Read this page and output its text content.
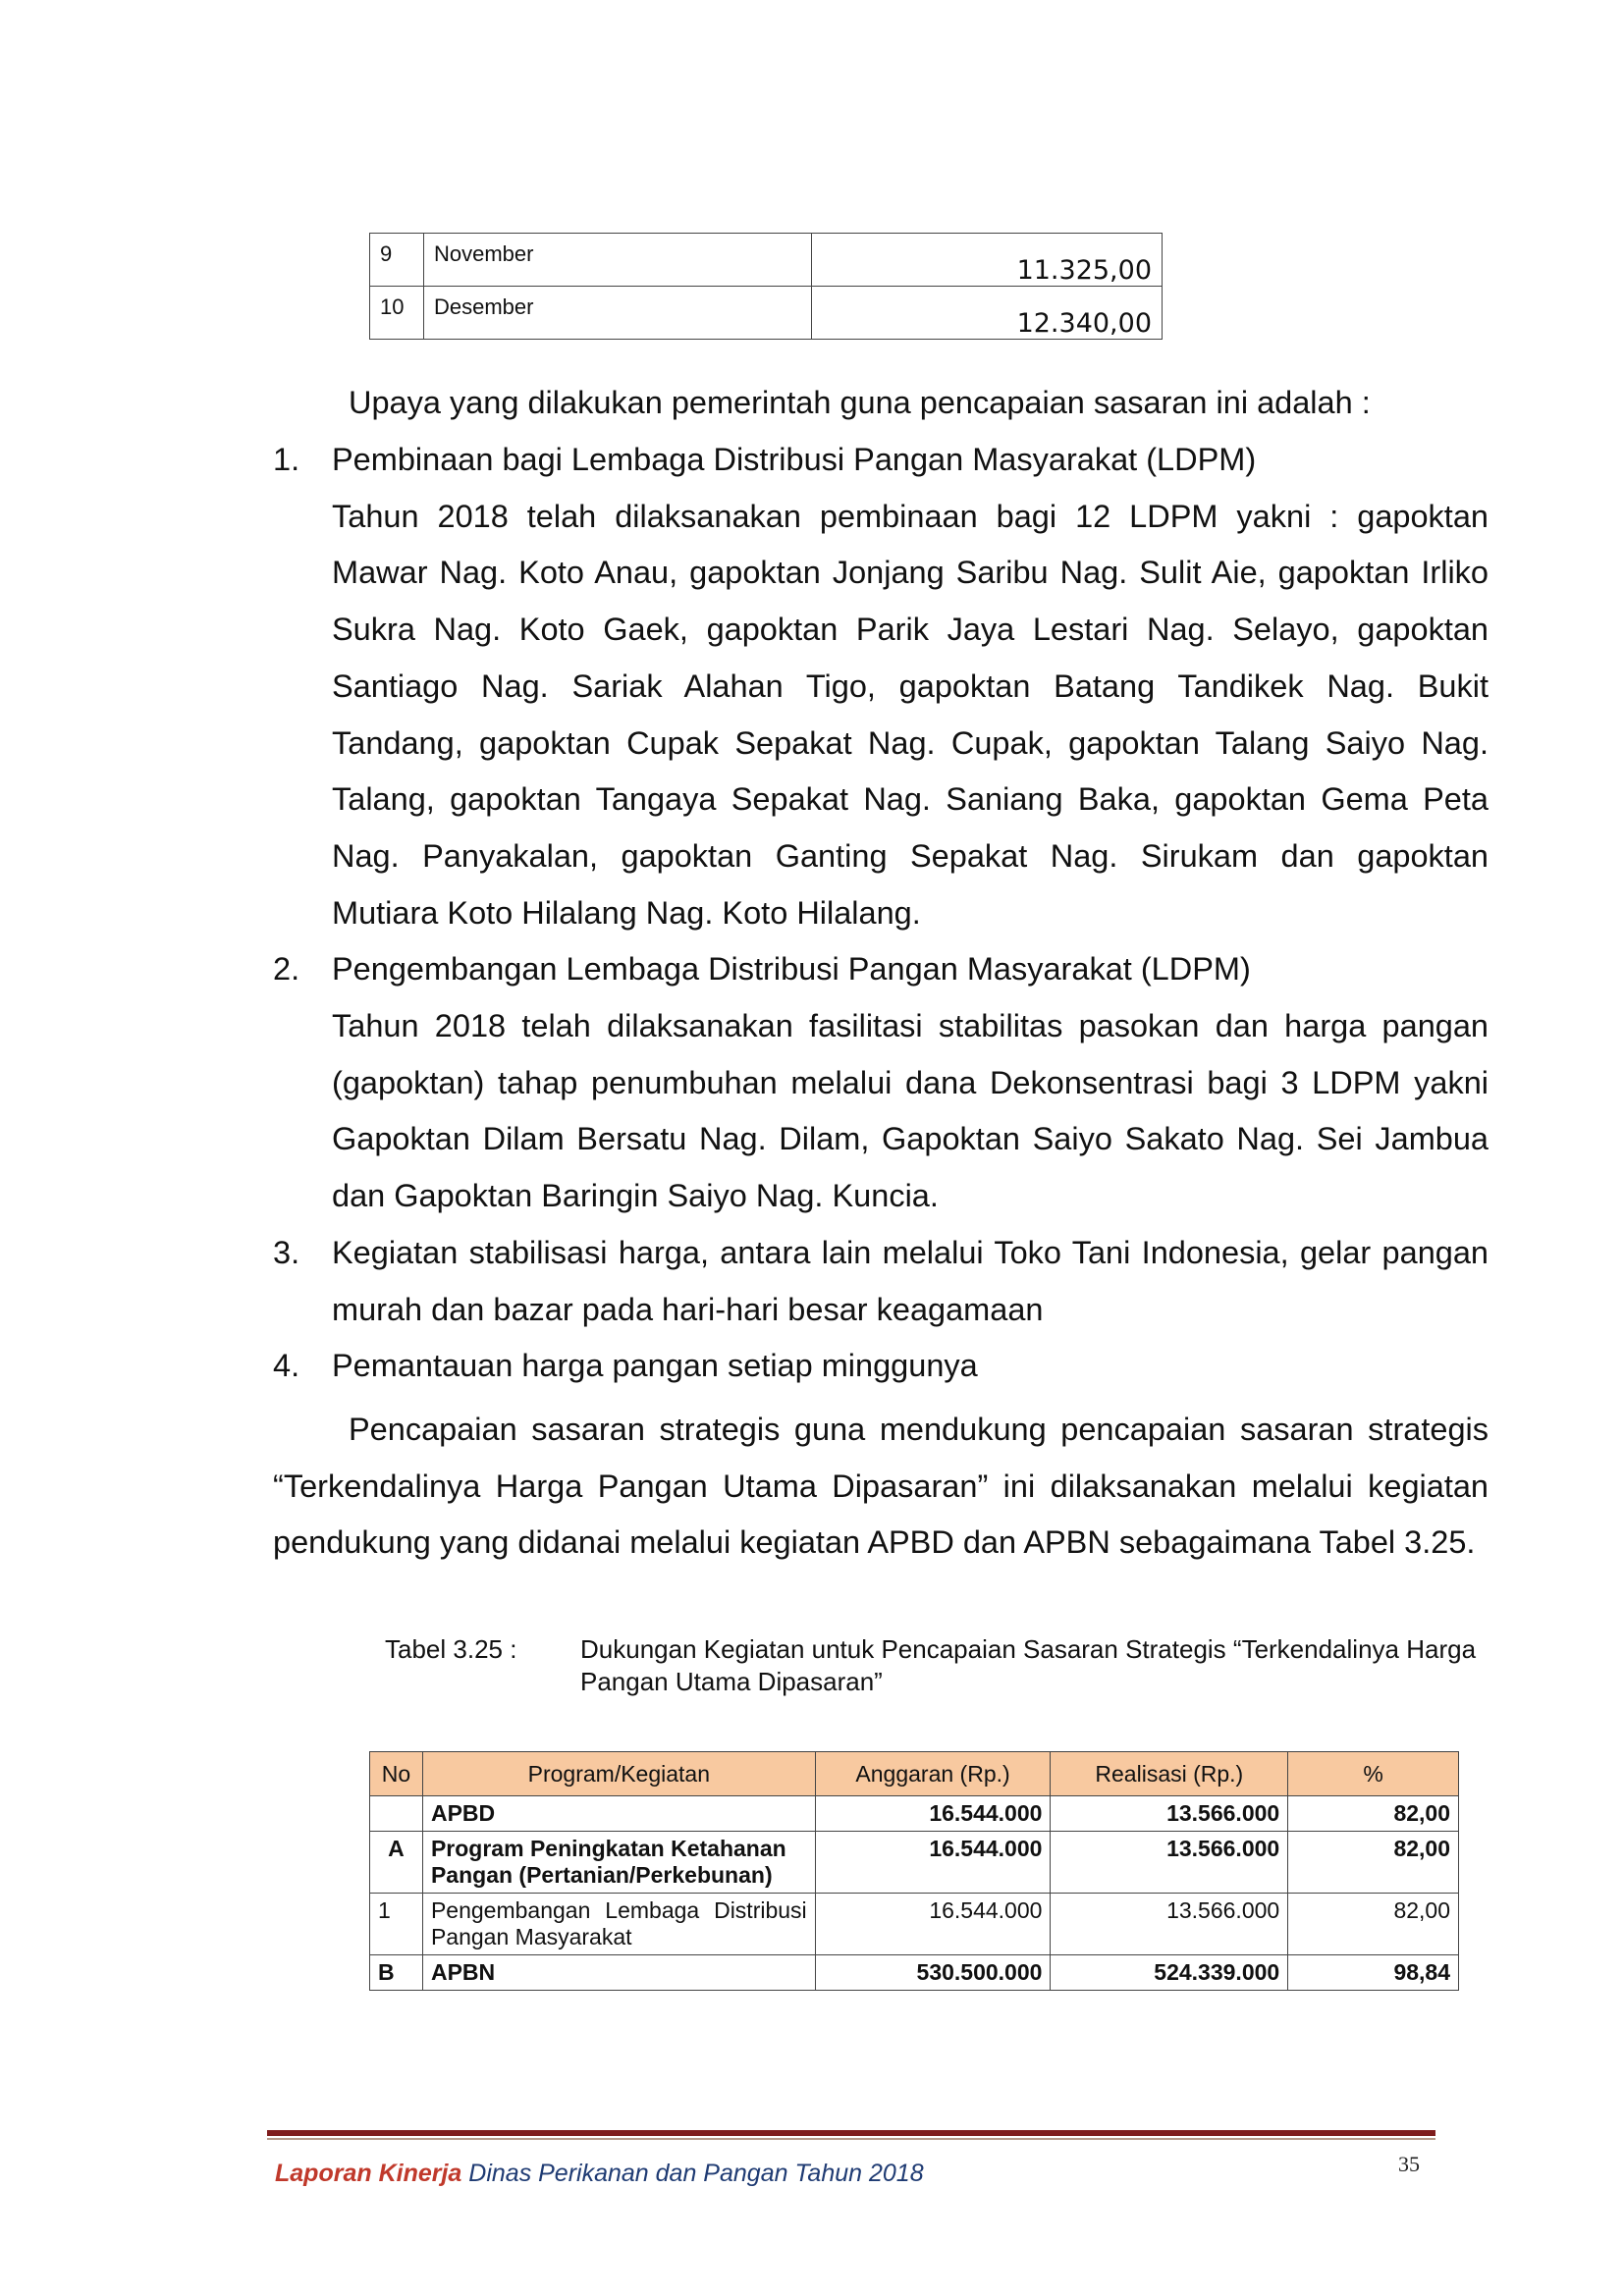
9	November	11.325,00
10	Desember	12.340,00
Upaya yang dilakukan pemerintah guna pencapaian sasaran ini adalah :
1. Pembinaan bagi Lembaga Distribusi Pangan Masyarakat (LDPM)
Tahun 2018 telah dilaksanakan pembinaan bagi 12 LDPM yakni : gapoktan Mawar Nag. Koto Anau, gapoktan Jonjang Saribu Nag. Sulit Aie, gapoktan Irliko Sukra Nag. Koto Gaek, gapoktan Parik Jaya Lestari Nag. Selayo, gapoktan Santiago Nag. Sariak Alahan Tigo, gapoktan Batang Tandikek Nag. Bukit Tandang, gapoktan Cupak Sepakat Nag. Cupak, gapoktan Talang Saiyo Nag. Talang, gapoktan Tangaya Sepakat Nag. Saniang Baka, gapoktan Gema Peta Nag. Panyakalan, gapoktan Ganting Sepakat Nag. Sirukam dan gapoktan Mutiara Koto Hilalang Nag. Koto Hilalang.
2. Pengembangan Lembaga Distribusi Pangan Masyarakat (LDPM)
Tahun 2018 telah dilaksanakan fasilitasi stabilitas pasokan dan harga pangan (gapoktan) tahap penumbuhan melalui dana Dekonsentrasi bagi 3 LDPM yakni Gapoktan Dilam Bersatu Nag. Dilam, Gapoktan Saiyo Sakato Nag. Sei Jambua dan Gapoktan Baringin Saiyo Nag. Kuncia.
3. Kegiatan stabilisasi harga, antara lain melalui Toko Tani Indonesia, gelar pangan murah dan bazar pada hari-hari besar keagamaan
4. Pemantauan harga pangan setiap minggunya
Pencapaian sasaran strategis guna mendukung pencapaian sasaran strategis “Terkendalinya Harga Pangan Utama Dipasaran” ini dilaksanakan melalui kegiatan pendukung yang didanai melalui kegiatan APBD dan APBN sebagaimana Tabel 3.25.
Tabel 3.25 : Dukungan Kegiatan untuk Pencapaian Sasaran Strategis “Terkendalinya Harga Pangan Utama Dipasaran”
No	Program/Kegiatan	Anggaran (Rp.)	Realisasi (Rp.)	%
	APBD	16.544.000	13.566.000	82,00
A	Program Peningkatan Ketahanan Pangan (Pertanian/Perkebunan)	16.544.000	13.566.000	82,00
1	Pengembangan Lembaga Distribusi Pangan Masyarakat	16.544.000	13.566.000	82,00
B	APBN	530.500.000	524.339.000	98,84
35
Laporan Kinerja Dinas Perikanan dan Pangan Tahun 2018
